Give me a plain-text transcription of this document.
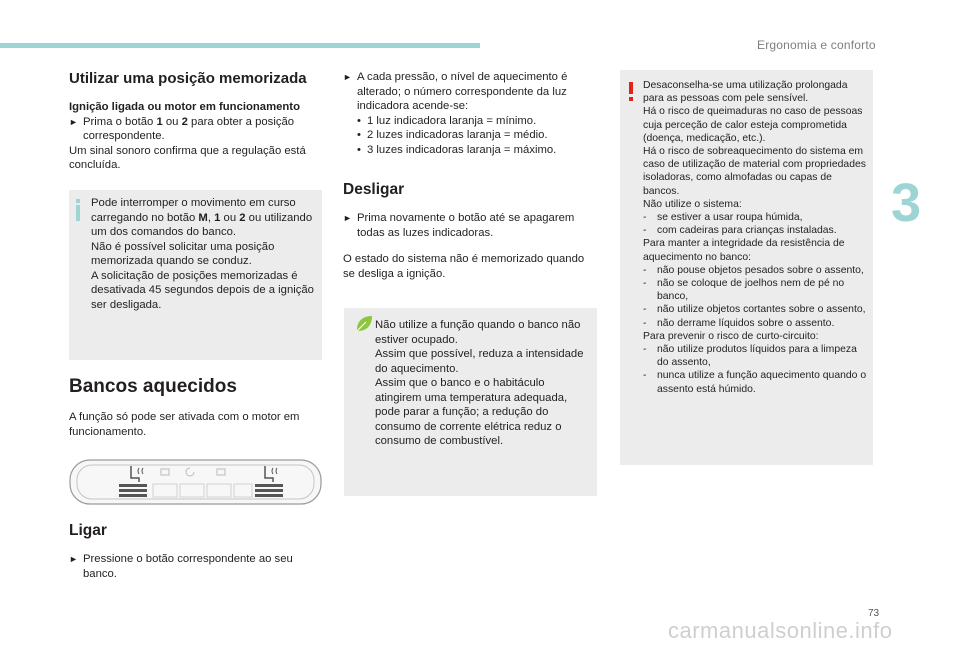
Ergonomia e conforto
3
Utilizar uma posição memorizada

Ignição ligada ou motor em funcionamento

► Prima o botão 1 ou 2 para obter a posição correspondente.

Um sinal sonoro confirma que a regulação está concluída.

Pode interromper o movimento em curso carregando no botão M, 1 ou 2 ou utilizando um dos comandos do banco.

Não é possível solicitar uma posição memorizada quando se conduz.

A solicitação de posições memorizadas é desativada 45 segundos depois de a ignição ser desligada.

Bancos aquecidos

A função só pode ser ativada com o motor em funcionamento.

Ligar
► Pressione o botão correspondente ao seu banco.
► A cada pressão, o nível de aquecimento é alterado; o número correspondente da luz indicadora acende-se:
• 1 luz indicadora laranja = mínimo.
• 2 luzes indicadoras laranja = médio.
• 3 luzes indicadoras laranja = máximo.
Desligar
► Prima novamente o botão até se apagarem todas as luzes indicadoras.

O estado do sistema não é memorizado quando se desliga a ignição.

Não utilize a função quando o banco não estiver ocupado.

Assim que possível, reduza a intensidade do aquecimento.

Assim que o banco e o habitáculo atingirem uma temperatura adequada, pode parar a função; a redução do consumo de corrente elétrica reduz o consumo de combustível.

Desaconselha-se uma utilização prolongada para as pessoas com pele sensível.

Há o risco de queimaduras no caso de pessoas cuja perceção de calor esteja comprometida (doença, medicação, etc.).

Há o risco de sobreaquecimento do sistema em caso de utilização de material com propriedades isoladoras, como almofadas ou capas de bancos.

Não utilize o sistema:

-	se estiver a usar roupa húmida,
-	com cadeiras para crianças instaladas.

Para manter a integridade da resistência de aquecimento no banco:

-	não pouse objetos pesados sobre o assento,
-	não se coloque de joelhos nem de pé no banco,
-	não utilize objetos cortantes sobre o assento,
-	não derrame líquidos sobre o assento.

Para prevenir o risco de curto-circuito:

-	não utilize produtos líquidos para a limpeza do assento,
-	nunca utilize a função aquecimento quando o assento está húmido.
73
carmanualsonline.info
